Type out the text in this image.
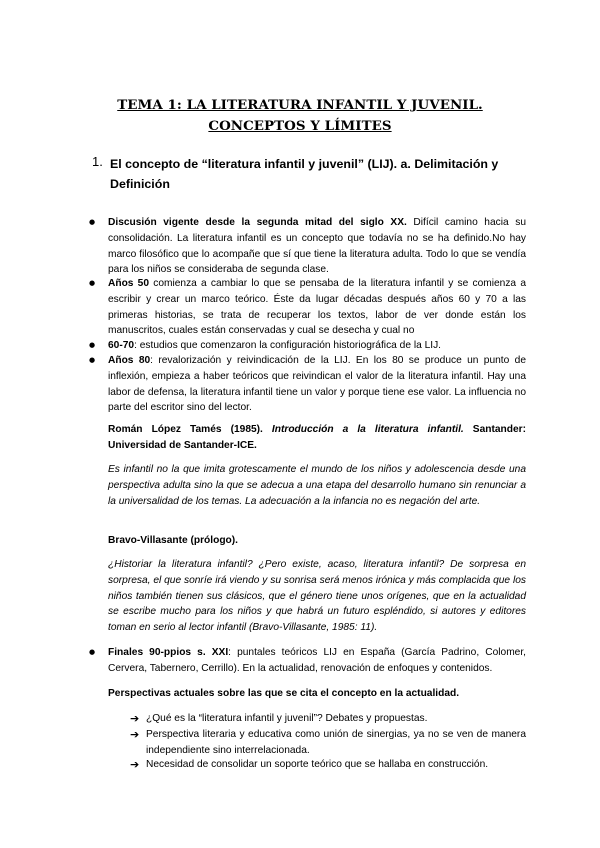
TEMA 1: LA LITERATURA INFANTIL Y JUVENIL. CONCEPTOS Y LÍMITES
1. El concepto de “literatura infantil y juvenil” (LIJ). a. Delimitación y Definición
● Discusión vigente desde la segunda mitad del siglo XX. Difícil camino hacia su consolidación. La literatura infantil es un concepto que todavía no se ha definido.No hay marco filosófico que lo acompañe que sí que tiene la literatura adulta. Todo lo que se vendía para los niños se consideraba de segunda clase.

● Años 50 comienza a cambiar lo que se pensaba de la literatura infantil y se comienza a escribir y crear un marco teórico. Éste da lugar décadas después años 60 y 70 a las primeras historias, se trata de recuperar los textos, labor de ver donde están los manuscritos, cuales están conservadas y cual se desecha y cual no

● 60-70: estudios que comenzaron la configuración historiográfica de la LIJ.

● Años 80: revalorización y reivindicación de la LIJ. En los 80 se produce un punto de inflexión, empieza a haber teóricos que reivindican el valor de la literatura infantil. Hay una labor de defensa, la literatura infantil tiene un valor y porque tiene ese valor. La influencia no parte del escritor sino del lector.

Román López Tamés (1985). Introducción a la literatura infantil. Santander: Universidad de Santander-ICE.

Es infantil no la que imita grotescamente el mundo de los niños y adolescencia desde una perspectiva adulta sino la que se adecua a una etapa del desarrollo humano sin renunciar a la universalidad de los temas. La adecuación a la infancia no es negación del arte.

Bravo-Villasante (prólogo).

¿Historiar la literatura infantil? ¿Pero existe, acaso, literatura infantil? De sorpresa en sorpresa, el que sonríe irá viendo y su sonrisa será menos irónica y más complacida que los niños también tienen sus clásicos, que el género tiene unos orígenes, que en la actualidad se escribe mucho para los niños y que habrá un futuro espléndido, si autores y editores toman en serio al lector infantil (Bravo-Villasante, 1985: 11).

● Finales 90-ppios s. XXI: puntales teóricos LIJ en España (García Padrino, Colomer, Cervera, Tabernero, Cerrillo). En la actualidad, renovación de enfoques y contenidos.

Perspectivas actuales sobre las que se cita el concepto en la actualidad.

➔ ¿Qué es la “literatura infantil y juvenil”? Debates y propuestas.

➔ Perspectiva literaria y educativa como unión de sinergias, ya no se ven de manera independiente sino interrelacionada.

➔ Necesidad de consolidar un soporte teórico que se hallaba en construcción.
